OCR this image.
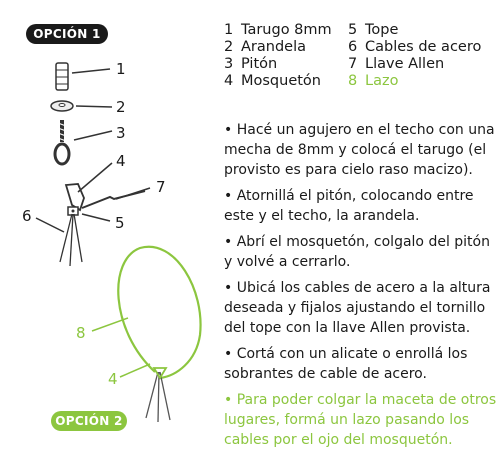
OPCIÓN 1
OPCIÓN 2
1
2
3
4
5
6
7
8
4
1 Tarugo 8mm	5 Tope
2 Arandela	6 Cables de acero
3 Pitón	7 Llave Allen
4 Mosquetón	8 Lazo
• Hacé un agujero en el techo con una mecha de 8mm y colocá el tarugo (el provisto es para cielo raso macizo).
• Atornillá el pitón, colocando entre este y el techo, la arandela.
• Abrí el mosquetón, colgalo del pitón y volvé a cerrarlo.
• Ubicá los cables de acero a la altura deseada y fijalos ajustando el tornillo del tope con la llave Allen provista.
• Cortá con un alicate o enrollá los sobrantes de cable de acero.
• Para poder colgar la maceta de otros lugares, formá un lazo pasando los cables por el ojo del mosquetón.
